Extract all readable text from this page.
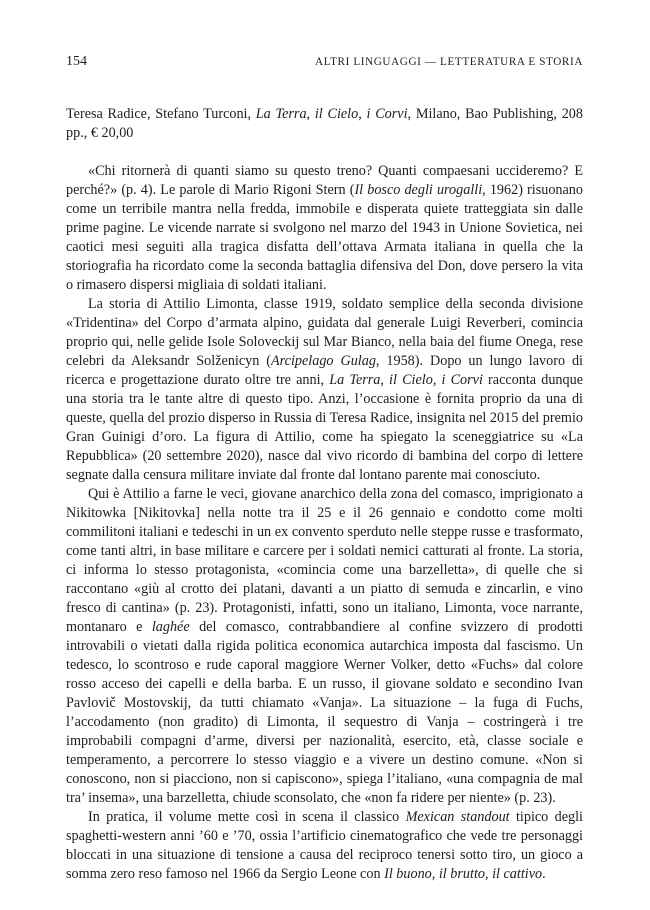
154	ALTRI LINGUAGGI — LETTERATURA E STORIA

Teresa Radice, Stefano Turconi, La Terra, il Cielo, i Corvi, Milano, Bao Publishing, 208 pp., € 20,00

«Chi ritornerà di quanti siamo su questo treno? Quanti compaesani uccideremo? E perché?» (p. 4). Le parole di Mario Rigoni Stern (Il bosco degli urogalli, 1962) risuonano come un terribile mantra nella fredda, immobile e disperata quiete tratteggiata sin dalle prime pagine. Le vicende narrate si svolgono nel marzo del 1943 in Unione Sovietica, nei caotici mesi seguiti alla tragica disfatta dell’ottava Armata italiana in quella che la storiografia ha ricordato come la seconda battaglia difensiva del Don, dove persero la vita o rimasero dispersi migliaia di soldati italiani.

La storia di Attilio Limonta, classe 1919, soldato semplice della seconda divisione «Tridentina» del Corpo d’armata alpino, guidata dal generale Luigi Reverberi, comincia proprio qui, nelle gelide Isole Soloveckij sul Mar Bianco, nella baia del fiume Onega, rese celebri da Aleksandr Solženicyn (Arcipelago Gulag, 1958). Dopo un lungo lavoro di ricerca e progettazione durato oltre tre anni, La Terra, il Cielo, i Corvi racconta dunque una storia tra le tante altre di questo tipo. Anzi, l’occasione è fornita proprio da una di queste, quella del prozio disperso in Russia di Teresa Radice, insignita nel 2015 del premio Gran Guinigi d’oro. La figura di Attilio, come ha spiegato la sceneggiatrice su «La Repubblica» (20 settembre 2020), nasce dal vivo ricordo di bambina del corpo di lettere segnate dalla censura militare inviate dal fronte dal lontano parente mai conosciuto.

Qui è Attilio a farne le veci, giovane anarchico della zona del comasco, imprigionato a Nikitowka [Nikitovka] nella notte tra il 25 e il 26 gennaio e condotto come molti commilitoni italiani e tedeschi in un ex convento sperduto nelle steppe russe e trasformato, come tanti altri, in base militare e carcere per i soldati nemici catturati al fronte. La storia, ci informa lo stesso protagonista, «comincia come una barzelletta», di quelle che si raccontano «giù al crotto dei platani, davanti a un piatto di semuda e zincarlin, e vino fresco di cantina» (p. 23). Protagonisti, infatti, sono un italiano, Limonta, voce narrante, montanaro e laghée del comasco, contrabbandiere al confine svizzero di prodotti introvabili o vietati dalla rigida politica economica autarchica imposta dal fascismo. Un tedesco, lo scontroso e rude caporal maggiore Werner Volker, detto «Fuchs» dal colore rosso acceso dei capelli e della barba. E un russo, il giovane soldato e secondino Ivan Pavlovič Mostovskij, da tutti chiamato «Vanja». La situazione – la fuga di Fuchs, l’accodamento (non gradito) di Limonta, il sequestro di Vanja – costringerà i tre improbabili compagni d’arme, diversi per nazionalità, esercito, età, classe sociale e temperamento, a percorrere lo stesso viaggio e a vivere un destino comune. «Non si conoscono, non si piacciono, non si capiscono», spiega l’italiano, «una compagnia de mal tra’ insema», una barzelletta, chiude sconsolato, che «non fa ridere per niente» (p. 23).

In pratica, il volume mette così in scena il classico Mexican standout tipico degli spaghetti-western anni ’60 e ’70, ossia l’artificio cinematografico che vede tre personaggi bloccati in una situazione di tensione a causa del reciproco tenersi sotto tiro, un gioco a somma zero reso famoso nel 1966 da Sergio Leone con Il buono, il brutto, il cattivo.
